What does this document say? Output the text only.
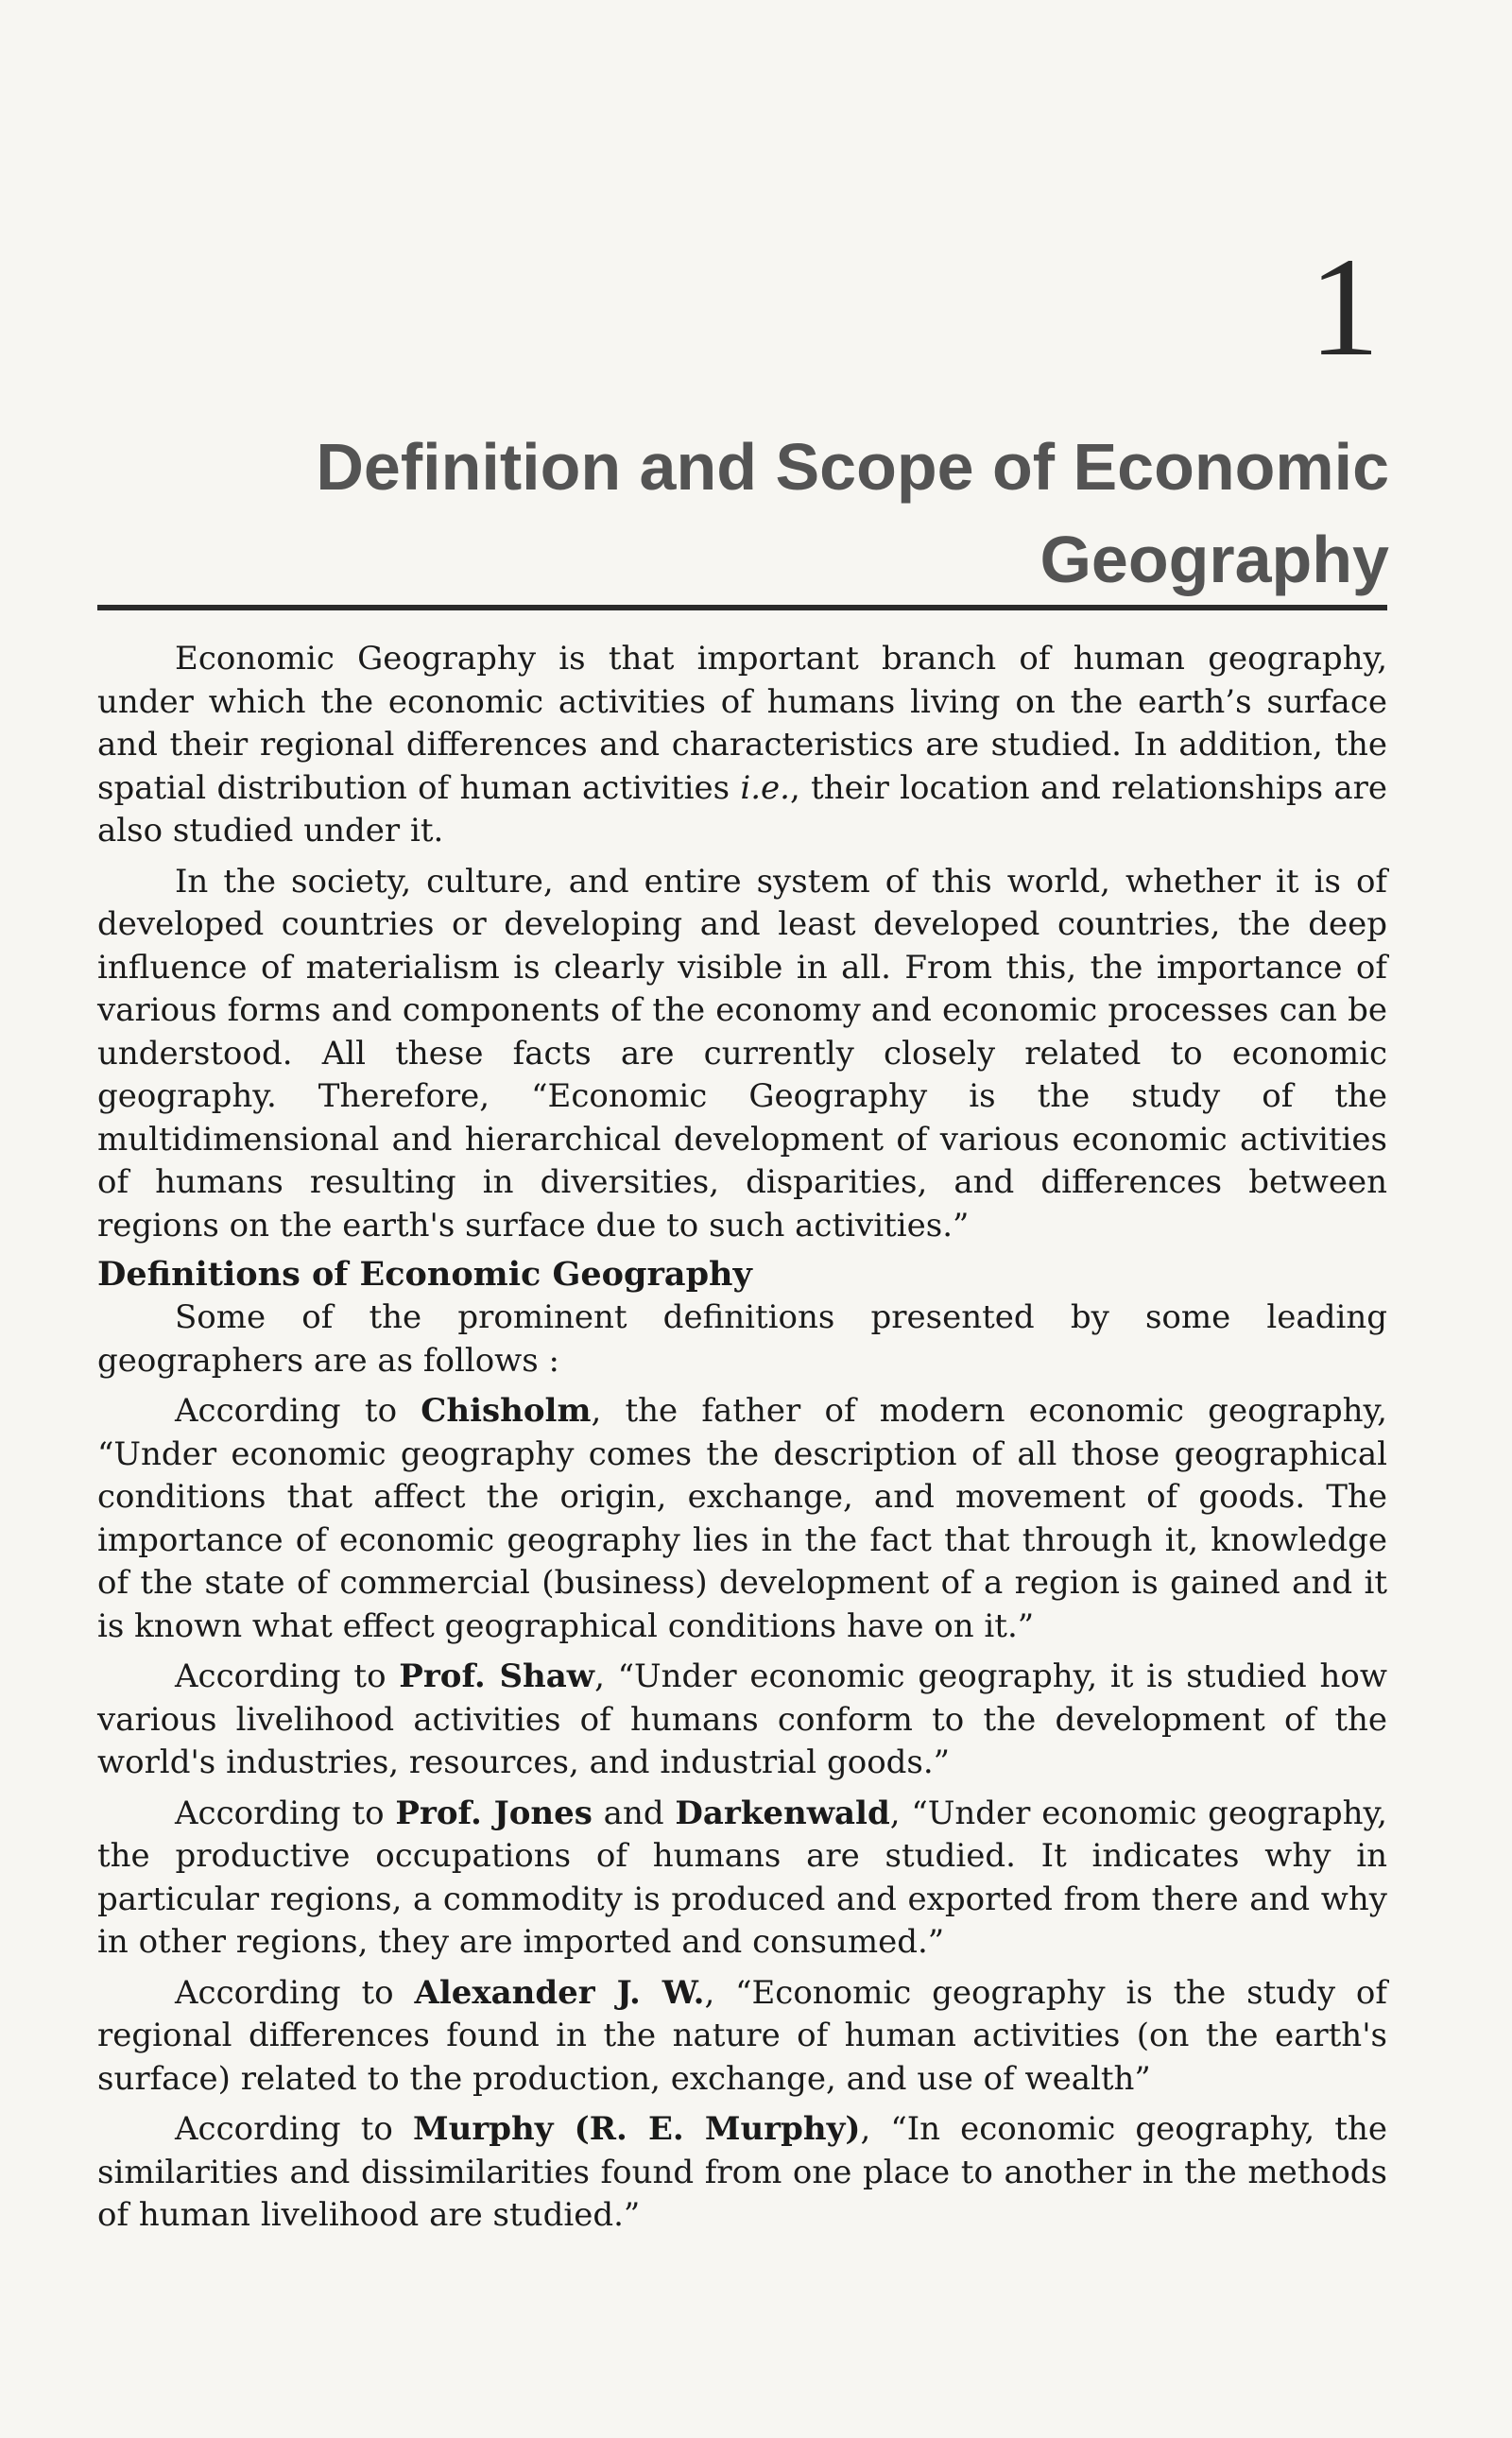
1
Definition and Scope of Economic Geography

Economic Geography is that important branch of human geography, under which the economic activities of humans living on the earth’s surface and their regional differences and characteristics are studied. In addition, the spatial distribution of human activities i.e., their location and relationships are also studied under it.

In the society, culture, and entire system of this world, whether it is of developed countries or developing and least developed countries, the deep influence of materialism is clearly visible in all. From this, the importance of various forms and components of the economy and economic processes can be understood. All these facts are currently closely related to economic geography. Therefore, “Economic Geography is the study of the multidimensional and hierarchical development of various economic activities of humans resulting in diversities, disparities, and differences between regions on the earth's surface due to such activities.”

Definitions of Economic Geography

Some of the prominent definitions presented by some leading geographers are as follows :

According to Chisholm, the father of modern economic geography, “Under economic geography comes the description of all those geographical conditions that affect the origin, exchange, and movement of goods. The importance of economic geography lies in the fact that through it, knowledge of the state of commercial (business) development of a region is gained and it is known what effect geographical conditions have on it.”

According to Prof. Shaw, “Under economic geography, it is studied how various livelihood activities of humans conform to the development of the world's industries, resources, and industrial goods.”

According to Prof. Jones and Darkenwald, “Under economic geography, the productive occupations of humans are studied. It indicates why in particular regions, a commodity is produced and exported from there and why in other regions, they are imported and consumed.”

According to Alexander J. W., “Economic geography is the study of regional differences found in the nature of human activities (on the earth's surface) related to the production, exchange, and use of wealth”

According to Murphy (R. E. Murphy), “In economic geography, the similarities and dissimilarities found from one place to another in the methods of human livelihood are studied.”
